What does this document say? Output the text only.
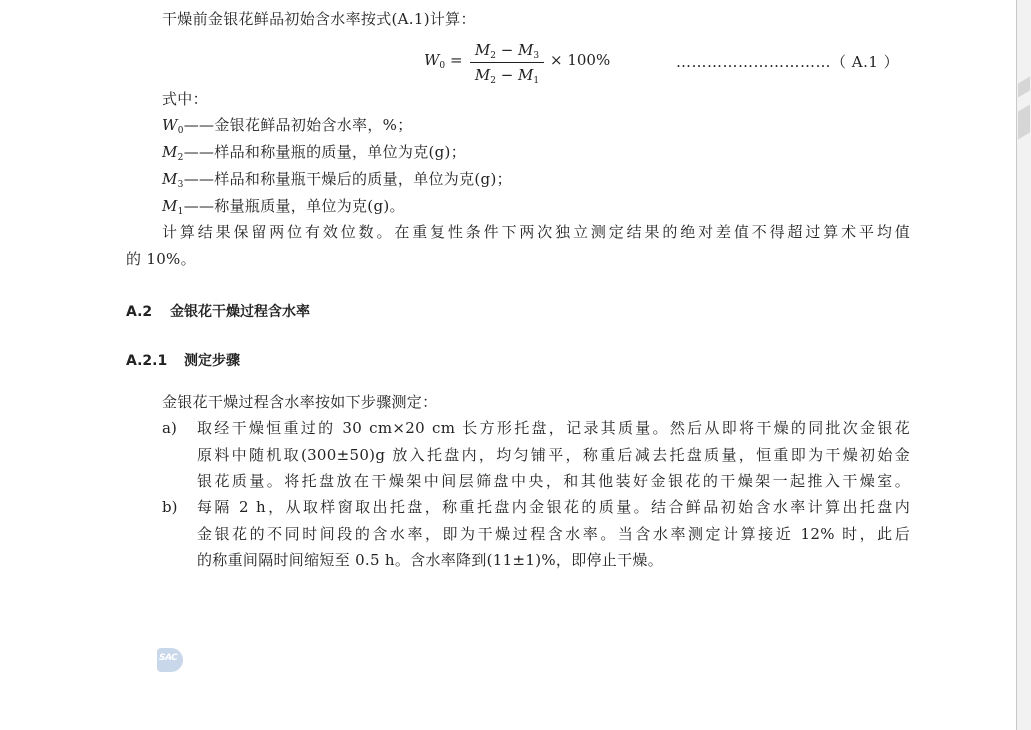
干燥前金银花鲜品初始含水率按式(A.1)计算：
$W_0$ =
$M_2 - M_3$
$M_2 - M_1$
× 100%	…………………………（ A.1 ）
式中：
$W_0——$金银花鲜品初始含水率，%；
$M_2——$样品和称量瓶的质量，单位为克(g)；
$M_3——$样品和称量瓶干燥后的质量，单位为克(g)；
$M_1——$称量瓶质量，单位为克(g)。
计算结果保留两位有效位数。在重复性条件下两次独立测定结果的绝对差值不得超过算术平均值
的 10%。
A.2 金银花干燥过程含水率
A.2.1 测定步骤
金银花干燥过程含水率按如下步骤测定：
a) 取经干燥恒重过的 30 cm×20 cm 长方形托盘，记录其质量。然后从即将干燥的同批次金银花
原料中随机取(300±50)g 放入托盘内，均匀铺平，称重后减去托盘质量，恒重即为干燥初始金
银花质量。将托盘放在干燥架中间层筛盘中央，和其他装好金银花的干燥架一起推入干燥室。
b) 每隔 2 h，从取样窗取出托盘，称重托盘内金银花的质量。结合鲜品初始含水率计算出托盘内
金银花的不同时间段的含水率，即为干燥过程含水率。当含水率测定计算接近 12% 时，此后
的称重间隔时间缩短至 0.5 h。含水率降到(11±1)%，即停止干燥。
SAC
